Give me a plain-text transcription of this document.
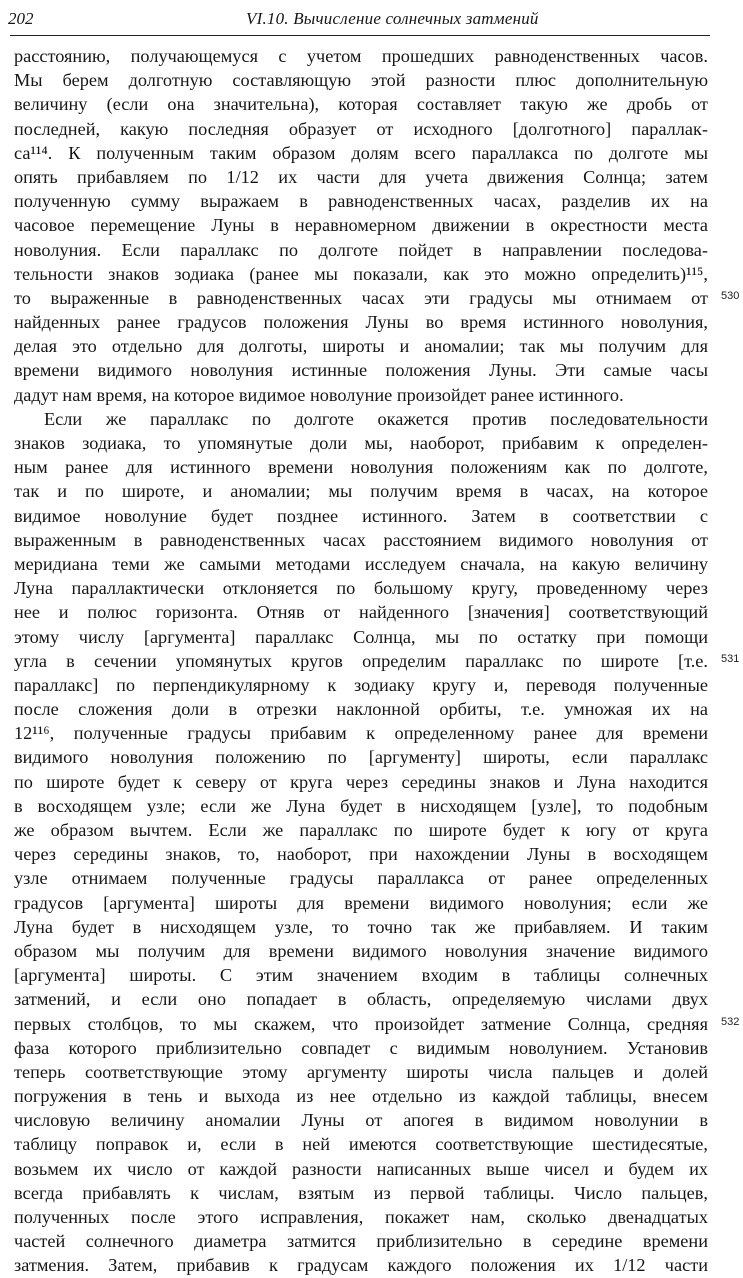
202	VI.10. Вычисление солнечных затмений
расстоянию, получающемуся с учетом прошедших равноденственных часов.
Мы берем долготную составляющую этой разности плюс дополнительную
величину (если она значительна), которая составляет такую же дробь от
последней, какую последняя образует от исходного [долготного] параллак-
са¹¹⁴. К полученным таким образом долям всего параллакса по долготе мы
опять прибавляем по 1/12 их части для учета движения Солнца; затем
полученную сумму выражаем в равноденственных часах, разделив их на
часовое перемещение Луны в неравномерном движении в окрестности места
новолуния. Если параллакс по долготе пойдет в направлении последова-
тельности знаков зодиака (ранее мы показали, как это можно определить)¹¹⁵,
то выраженные в равноденственных часах эти градусы мы отнимаем от
найденных ранее градусов положения Луны во время истинного новолуния,
делая это отдельно для долготы, широты и аномалии; так мы получим для
времени видимого новолуния истинные положения Луны. Эти самые часы
дадут нам время, на которое видимое новолуние произойдет ранее истинного.
Если же параллакс по долготе окажется против последовательности
знаков зодиака, то упомянутые доли мы, наоборот, прибавим к определен-
ным ранее для истинного времени новолуния положениям как по долготе,
так и по широте, и аномалии; мы получим время в часах, на которое
видимое новолуние будет позднее истинного. Затем в соответствии с
выраженным в равноденственных часах расстоянием видимого новолуния от
меридиана теми же самыми методами исследуем сначала, на какую величину
Луна параллактически отклоняется по большому кругу, проведенному через
нее и полюс горизонта. Отняв от найденного [значения] соответствующий
этому числу [аргумента] параллакс Солнца, мы по остатку при помощи
угла в сечении упомянутых кругов определим параллакс по широте [т.е.
параллакс] по перпендикулярному к зодиаку кругу и, переводя полученные
после сложения доли в отрезки наклонной орбиты, т.е. умножая их на
12¹¹⁶, полученные градусы прибавим к определенному ранее для времени
видимого новолуния положению по [аргументу] широты, если параллакс
по широте будет к северу от круга через середины знаков и Луна находится
в восходящем узле; если же Луна будет в нисходящем [узле], то подобным
же образом вычтем. Если же параллакс по широте будет к югу от круга
через середины знаков, то, наоборот, при нахождении Луны в восходящем
узле отнимаем полученные градусы параллакса от ранее определенных
градусов [аргумента] широты для времени видимого новолуния; если же
Луна будет в нисходящем узле, то точно так же прибавляем. И таким
образом мы получим для времени видимого новолуния значение видимого
[аргумента] широты. С этим значением входим в таблицы солнечных
затмений, и если оно попадает в область, определяемую числами двух
первых столбцов, то мы скажем, что произойдет затмение Солнца, средняя
фаза которого приблизительно совпадет с видимым новолунием. Установив
теперь соответствующие этому аргументу широты числа пальцев и долей
погружения в тень и выхода из нее отдельно из каждой таблицы, внесем
числовую величину аномалии Луны от апогея в видимом новолунии в
таблицу поправок и, если в ней имеются соответствующие шестидесятые,
возьмем их число от каждой разности написанных выше чисел и будем их
всегда прибавлять к числам, взятым из первой таблицы. Число пальцев,
полученных после этого исправления, покажет нам, сколько двенадцатых
частей солнечного диаметра затмится приблизительно в середине времени
затмения. Затем, прибавив к градусам каждого положения их 1/12 части
530
531
532
